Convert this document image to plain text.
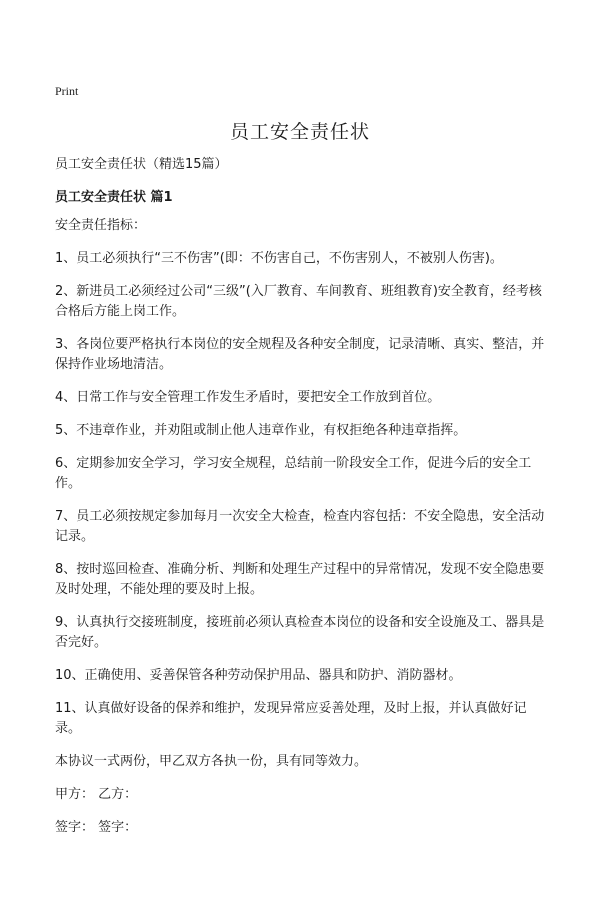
Print
员工安全责任状
员工安全责任状（精选15篇）
员工安全责任状 篇1

安全责任指标：

1、员工必须执行“三不伤害”(即：不伤害自己，不伤害别人，不被别人伤害)。

2、新进员工必须经过公司“三级”(入厂教育、车间教育、班组教育)安全教育，经考核合格后方能上岗工作。

3、各岗位要严格执行本岗位的安全规程及各种安全制度，记录清晰、真实、整洁，并保持作业场地清洁。

4、日常工作与安全管理工作发生矛盾时，要把安全工作放到首位。

5、不违章作业，并劝阻或制止他人违章作业，有权拒绝各种违章指挥。

6、定期参加安全学习，学习安全规程，总结前一阶段安全工作，促进今后的安全工作。

7、员工必须按规定参加每月一次安全大检查，检查内容包括：不安全隐患，安全活动记录。

8、按时巡回检查、准确分析、判断和处理生产过程中的异常情况，发现不安全隐患要及时处理，不能处理的要及时上报。

9、认真执行交接班制度，接班前必须认真检查本岗位的设备和安全设施及工、器具是否完好。

10、正确使用、妥善保管各种劳动保护用品、器具和防护、消防器材。

11、认真做好设备的保养和维护，发现异常应妥善处理，及时上报，并认真做好记录。

本协议一式两份，甲乙双方各执一份，具有同等效力。

甲方： 乙方：

签字： 签字：
